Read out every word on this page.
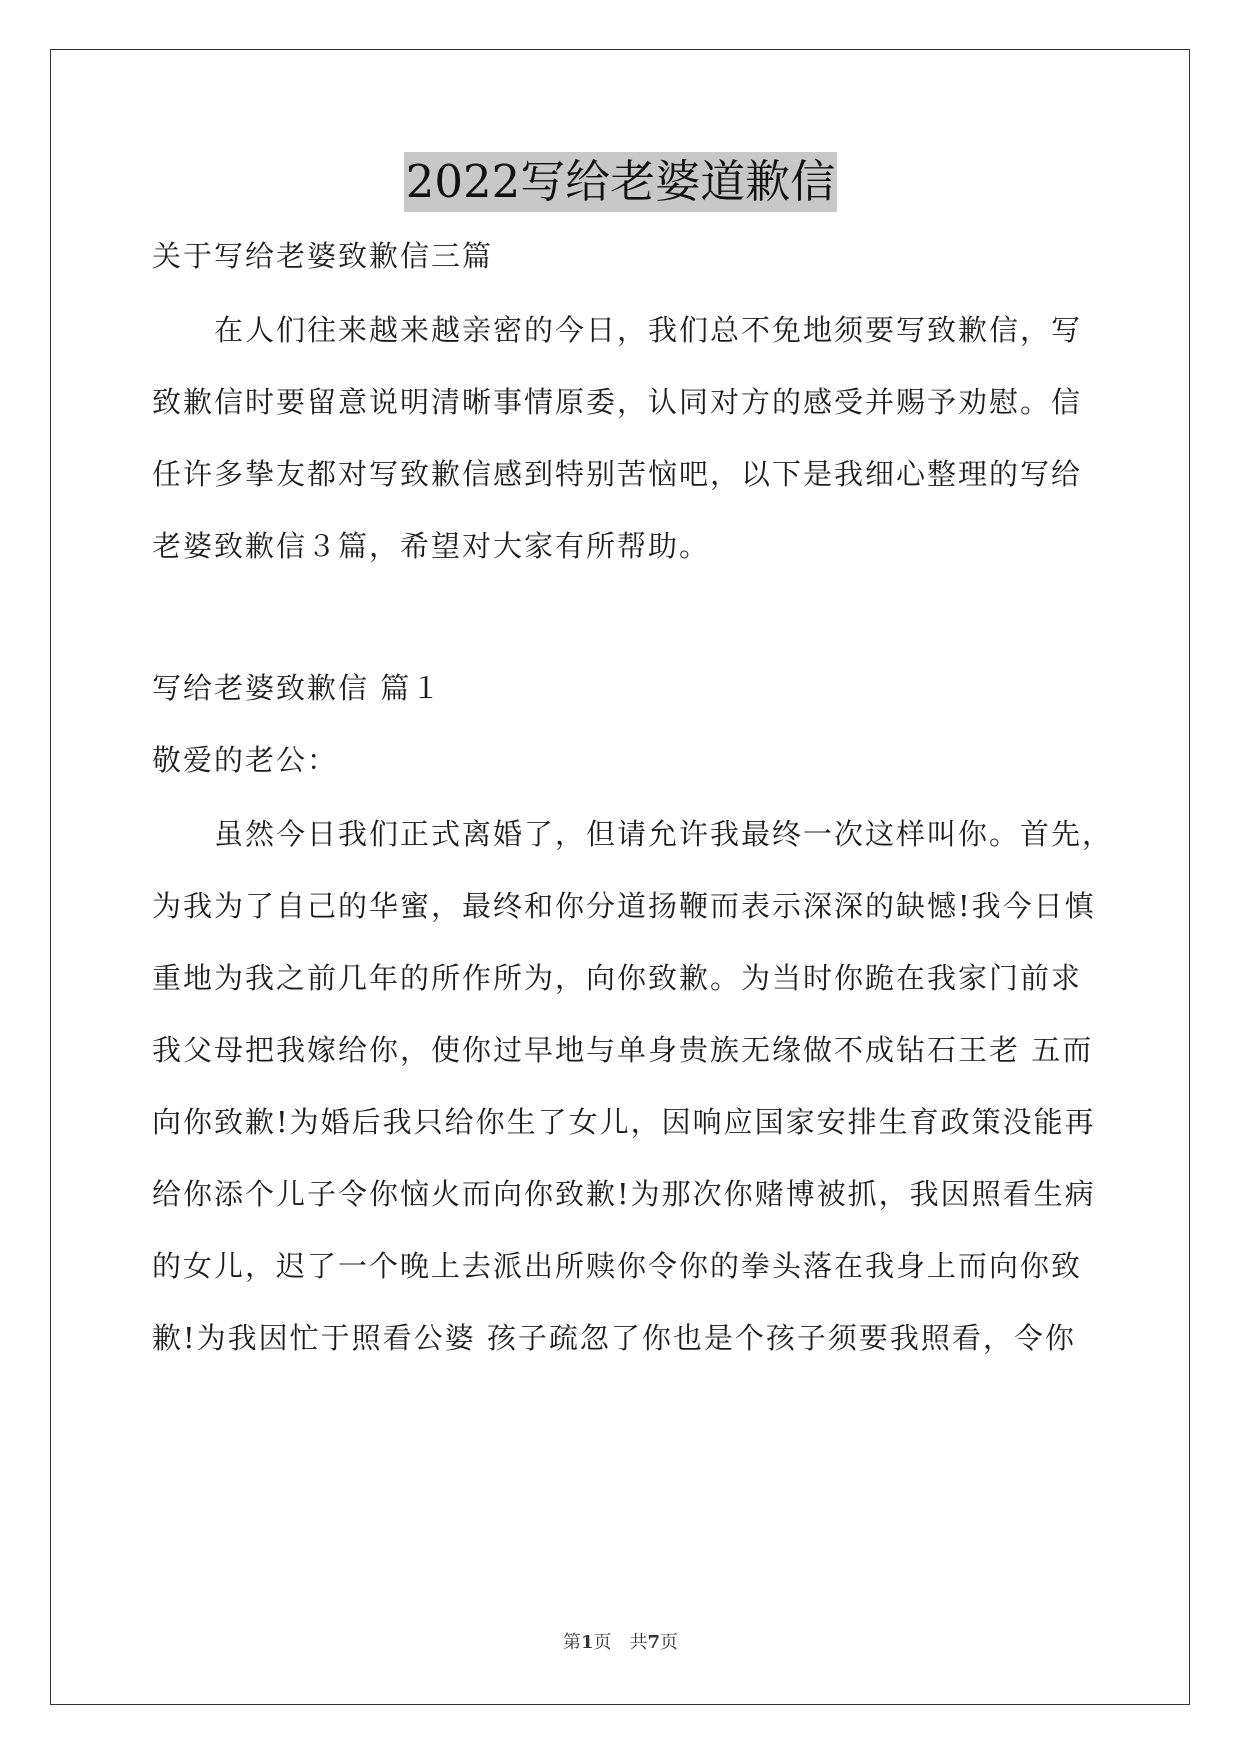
2022写给老婆道歉信
关于写给老婆致歉信三篇
　　在人们往来越来越亲密的今日，我们总不免地须要写致歉信，写
致歉信时要留意说明清晰事情原委，认同对方的感受并赐予劝慰。信
任许多挚友都对写致歉信感到特别苦恼吧，以下是我细心整理的写给
老婆致歉信３篇，希望对大家有所帮助。
写给老婆致歉信 篇１
敬爱的老公：
　　虽然今日我们正式离婚了，但请允许我最终一次这样叫你。首先，
为我为了自己的华蜜，最终和你分道扬鞭而表示深深的缺憾!我今日慎
重地为我之前几年的所作所为，向你致歉。为当时你跪在我家门前求
我父母把我嫁给你，使你过早地与单身贵族无缘做不成钻石王老 五而
向你致歉!为婚后我只给你生了女儿，因响应国家安排生育政策没能再
给你添个儿子令你恼火而向你致歉!为那次你赌博被抓，我因照看生病
的女儿，迟了一个晚上去派出所赎你令你的拳头落在我身上而向你致
歉!为我因忙于照看公婆 孩子疏忽了你也是个孩子须要我照看，令你
第1页　共7页
